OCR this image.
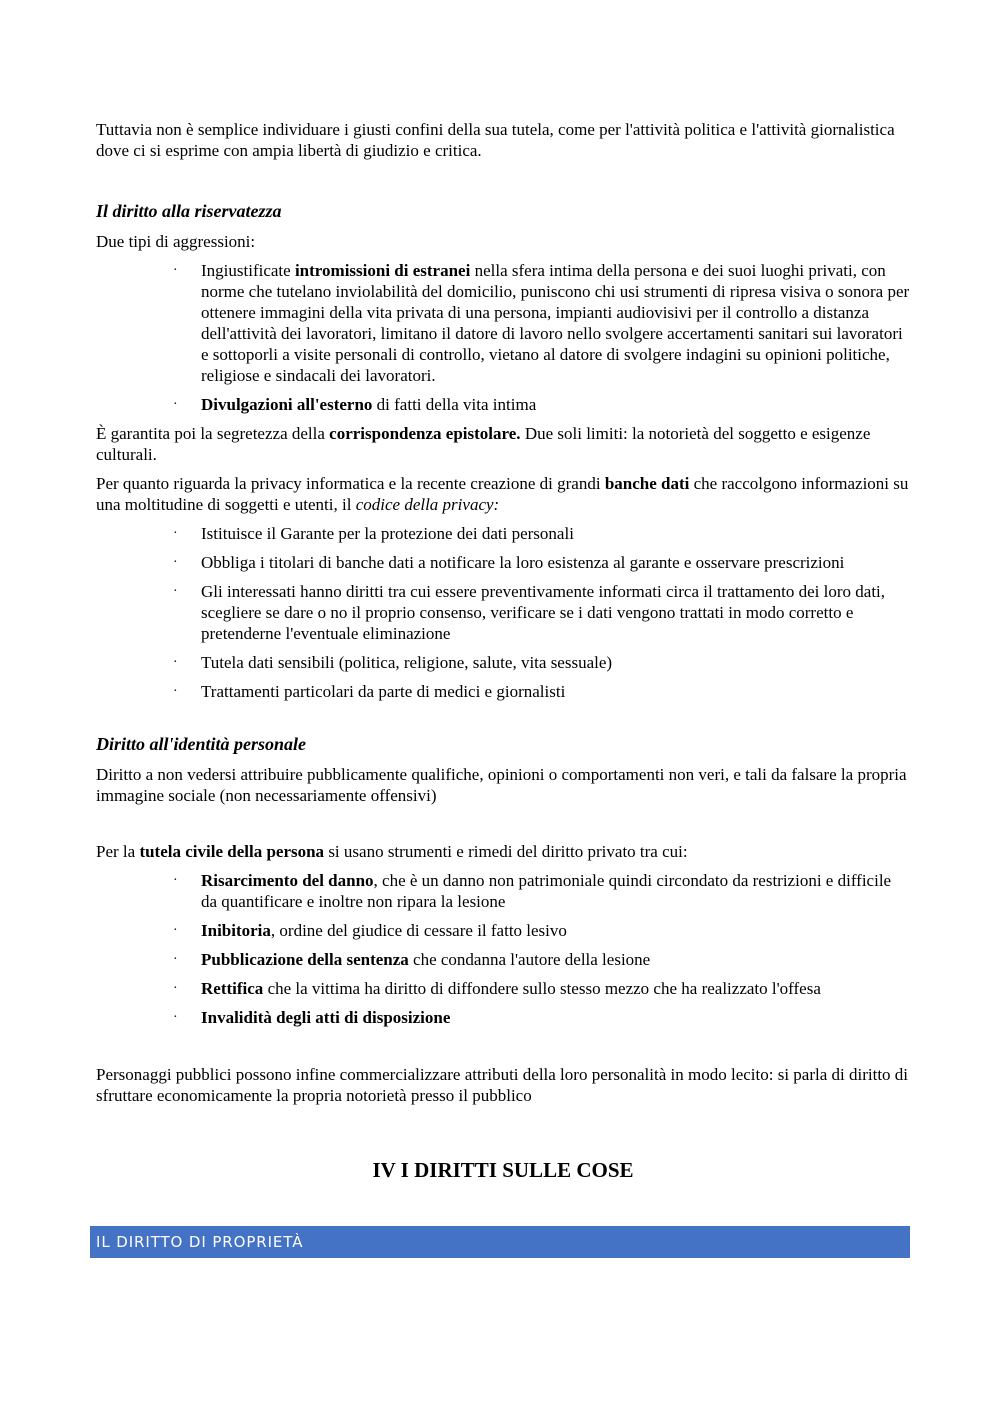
Tuttavia non è semplice individuare i giusti confini della sua tutela, come per l'attività politica e l'attività giornalistica dove ci si esprime con ampia libertà di giudizio e critica.

Il diritto alla riservatezza

Due tipi di aggressioni:

· Ingiustificate intromissioni di estranei nella sfera intima della persona e dei suoi luoghi privati, con norme che tutelano inviolabilità del domicilio, puniscono chi usi strumenti di ripresa visiva o sonora per ottenere immagini della vita privata di una persona, impianti audiovisivi per il controllo a distanza dell'attività dei lavoratori, limitano il datore di lavoro nello svolgere accertamenti sanitari sui lavoratori e sottoporli a visite personali di controllo, vietano al datore di svolgere indagini su opinioni politiche, religiose e sindacali dei lavoratori.
· Divulgazioni all'esterno di fatti della vita intima

È garantita poi la segretezza della corrispondenza epistolare. Due soli limiti: la notorietà del soggetto e esigenze culturali.

Per quanto riguarda la privacy informatica e la recente creazione di grandi banche dati che raccolgono informazioni su una moltitudine di soggetti e utenti, il codice della privacy:

· Istituisce il Garante per la protezione dei dati personali
· Obbliga i titolari di banche dati a notificare la loro esistenza al garante e osservare prescrizioni
· Gli interessati hanno diritti tra cui essere preventivamente informati circa il trattamento dei loro dati, scegliere se dare o no il proprio consenso, verificare se i dati vengono trattati in modo corretto e pretenderne l'eventuale eliminazione
· Tutela dati sensibili (politica, religione, salute, vita sessuale)
· Trattamenti particolari da parte di medici e giornalisti
Diritto all'identità personale

Diritto a non vedersi attribuire pubblicamente qualifiche, opinioni o comportamenti non veri, e tali da falsare la propria immagine sociale (non necessariamente offensivi)

Per la tutela civile della persona si usano strumenti e rimedi del diritto privato tra cui:

· Risarcimento del danno, che è un danno non patrimoniale quindi circondato da restrizioni e difficile da quantificare e inoltre non ripara la lesione
· Inibitoria, ordine del giudice di cessare il fatto lesivo
· Pubblicazione della sentenza che condanna l'autore della lesione
· Rettifica che la vittima ha diritto di diffondere sullo stesso mezzo che ha realizzato l'offesa
· Invalidità degli atti di disposizione

Personaggi pubblici possono infine commercializzare attributi della loro personalità in modo lecito: si parla di diritto di sfruttare economicamente la propria notorietà presso il pubblico

IV I DIRITTI SULLE COSE
IL DIRITTO DI PROPRIETÀ
